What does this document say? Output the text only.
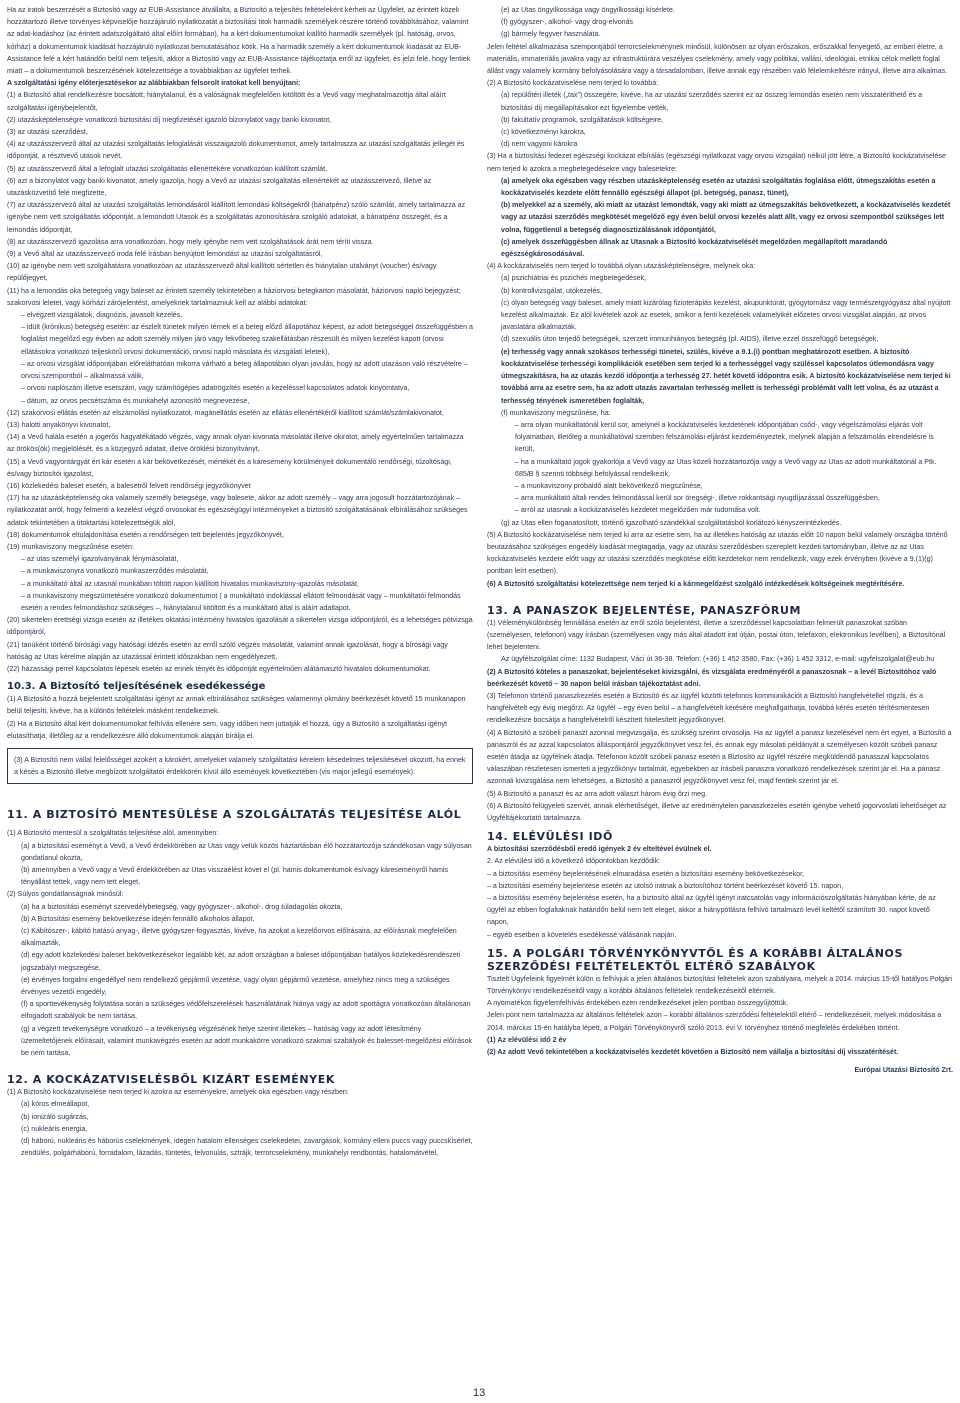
Ha az iratok beszerzését a Biztosító vagy az EUB-Assistance átvállalta, a Biztosító a teljesítés feltételeként kérheti az Ügyfelet, az érintett közeli hozzátartozó illetve törvényes képviselője hozzájáruló nyilatkozatát a biztosítási titok harmadik személyek részére történő továbbításához, valamint az adat-kiadáshoz (az érintett adatszolgáltató által előírt formában), ha a kért dokumentumokat kiállító harmadik személyek (pl. hatóság, orvos, kórház) a dokumentumok kiadását hozzájáruló nyilatkozat bemutatásához kötik. Ha a harmadik személy a kért dokumentumok kiadását az EUB-Assistance felé a kért határidőn belül nem teljesíti, akkor a Biztosító vagy az EUB-Assistance tájékoztatja erről az ügyfelet, és jelzi felé, hogy fentiek miatt – a dokumentumok beszerzésének kötelezettsége a továbbiakban az ügyfelet terheli.

A szolgáltatási igény előterjesztésekor az alábbiakban felsorolt iratokat kell benyújtani:

(1) a Biztosító által rendelkezésre bocsátott, hiánytalanul, és a valóságnak megfelelően kitöltött és a Vevő vagy meghatalmazottja által aláírt szolgáltatási igénybejelentőt,

(2) utazásképtelenségre vonatkozó biztosítási díj megfizetését igazoló bizonylatot vagy banki kivonatot,

(3) az utazási szerződést,

(4) az utazásszervező által az utazási szolgáltatás lefoglalását visszaigazoló dokumentumot, amely tartalmazza az utazási szolgáltatás jellegét és időpontját, a résztvevő utasok nevét,

(5) az utazásszervező által a lefoglalt utazási szolgáltatás ellenértékére vonatkozóan kiállított számlát,

(6) azt a bizonylatot vagy banki kivonatot, amely igazolja, hogy a Vevő az utazási szolgáltatás ellenértékét az utazásszervező, illetve az utazásközvetítő felé megfizette,

(7) az utazásszervező által az utazási szolgáltatás lemondásáról kiállított lemondási költségekről (bánatpénz) szóló számlát, amely tartalmazza az igénybe nem vett szolgáltatás időpontját, a lemondott Utasok és a szolgáltatás azonosítására szolgáló adatokat, a bánatpénz összegét, és a lemondás időpontját,

(8) az utazásszervező igazolása arra vonatkozóan, hogy mely igénybe nem vett szolgáltatások árát nem téríti vissza

(9) a Vevő által az utazásszervező iroda felé írásban benyújtott lemondást az utazási szolgáltatásról,

(10) az igénybe nem vett szolgáltatásra vonatkozóan az utazásszervező által kiállított sértetlen és hiánytalan utalványt (voucher) és/vagy repülőjegyet,

(11) ha a lemondás oka betegség vagy baleset az érintett személy tekintetében a háziorvosi betegkarton másolatát, háziorvosi napló bejegyzést; szakorvosi leletet, vagy kórházi zárójelentést, amelyeknek tartalmazniuk kell az alábbi adatokat:

– elvégzett vizsgálatok, diagnózis, javasolt kezelés,

– idült (krónikus) betegség esetén: az észlelt tünetek milyen térnek el a beteg előző állapotához képest, az adott betegséggel összefüggésben a foglalást megelőző egy évben az adott személy milyen járó vagy fekvőbeteg szakellátásban részesült és milyen kezelést kapott (orvosi ellátásokra vonatkozó teljeskörű orvosi dokumentáció, orvosi napló másolata és vizsgálati leletek),

– az orvosi vizsgálat időpontjában előreláthatóan mikorra várható a beteg állapotában olyan javulás, hogy az adott utazáson való részvételre – orvosi szempontból – alkalmassá válik,

– orvosi naplószám illetve esetszám, vagy számítógépes adatrögzítés esetén a kezeléssel kapcsolatos adatok kinyomtatva,

– dátum, az orvos pecsétszáma és munkahelyi azonosító megnevezése,

(12) szakorvosi ellátás esetén az elszámolási nyilatkozatot, magánellátás esetén az ellátás ellenértékéről kiállított számlát/számlakivonatot,

(13) halotti anyakönyvi kivonatot,

(14) a Vevő halála esetén a jogerős hagyatékátadó végzés, vagy annak olyan kivonata másolatát illetve okiratot, amely egyértelműen tartalmazza az örökös(ök) megjelölését, és a közjegyző adatait, illetve öröklési bizonyítványt,

(15) a Vevő vagyontárgyát ért kár esetén a kár bekövetkezését, mértékét és a káresemény körülményeit dokumentáló rendőrségi, tűzoltósági, és/vagy biztosítói igazolást,

(16) közlekedési baleset esetén, a balesetről felvett rendőrségi jegyzőkönyvet

(17) ha az utazásképtelenség oka valamely személy betegsége, vagy balesete, akkor az adott személy – vagy arra jogosult hozzátartozójának – nyilatkozatát arról, hogy felmenti a kezelést végző orvosokat és egészségügyi intézményeket a biztosító szolgáltatásának elbírálásához szükséges adatok tekintetében a titoktartási kötelezettségük alól,

(18) dokumentumok eltulajdonítása esetén a rendőrségen tett bejelentés jegyzőkönyvét,

(19) munkaviszony megszűnése esetén:

– az utas személyi igazolványának fénymásolatát,

– a munkaviszonyra vonatkozó munkaszerződés másolatát,

– a munkáltató által az utasnál munkában töltött napon kiállított hivatalos munkaviszony-igazolás másolatát,

– a munkaviszony megszüntetésére vonatkozó dokumentumot ( a munkáltató indoklással ellátott felmondását vagy – munkáltatói felmondás esetén a rendes felmondáshoz szükséges –, hiánytalanul kitöltött és a munkáltató által is aláírt adatlapot.

(20) sikertelen érettségi vizsga esetén az illetékes oktatási intézmény hivatalos igazolását a sikertelen vizsga időpontjáról, és a lehetséges pótvizsga időpontjáról,

(21) tanúként történő bírósági vagy hatósági idézés esetén az erről szóló végzés másolatát, valamint annak igazolását, hogy a bírósági vagy hatóság az Utas kérelme alapján az utazással érintett időszakban nem engedélyezett,

(22) házassági perrel kapcsolatos lépések esetén az ennek tényét és időpontját egyértelműen alátámasztó hivatalos dokumentumokat.

10.3. A Biztosító teljesítésének esedékessége

(1) A Biztosító a hozzá bejelentett szolgáltatási igényt az annak elbírálásához szükséges valamennyi okmány beérkezését követő 15 munkanapon belül teljesíti, kivéve, ha a különös feltételek másként rendelkeznek.

(2) Ha a Biztosító által kért dokumentumokat felhívás ellenére sem, vagy időben nem juttatják el hozzá, úgy a Biztosító a szolgáltatási igényt elutasíthatja, illetőleg az a rendelkezésre álló dokumentumok alapján bírálja el.

(3) A Biztosító nem vállal felelősséget azokért a károkért, amelyeket valamely szolgáltatási kérelem késedelmes teljesítésével okozott, ha ennek a késés a Biztosító illetve megbízott szolgáltatói érdekkörén kívül álló események következtében (vis major jellegű események).

11. A BIZTOSÍTÓ MENTESÜLÉSE A SZOLGÁLTATÁS TELJESÍTÉSE ALÓL

(1) A Biztosító mentesül a szolgáltatás teljesítése alól, amennyiben:

(a) a biztosítási eseményt a Vevő, a Vevő érdekkörében az Utas vagy velük közös háztartásban élő hozzátartozója szándékosan vagy súlyosan gondatlanul okozta,

(b) amennyiben a Vevő vagy a Vevő érdekkörében az Utas visszaélést követ el (pl. hamis dokumentumok és/vagy káreseményről hamis tényállást tettek, vagy nem tett eleget,

(2) Súlyos gondatlanságnak minősül:

(a) ha a biztosítási eseményt szervedélybetegség, vagy gyógyszer-, alkohol-, drog túladagolás okozta,

(b) A Biztosítási esemény bekövetkezése idején fennálló alkoholos állapot,

(c) Kábítószer-, kábító hatású anyag-, illetve gyógyszer-fogyasztás, kivéve, ha azokat a kezelőorvos előírásaira, az előírásnak megfelelően alkalmazták,

(d) egy adott közlekedési baleset bekövetkezésekor legalább két, az adott országban a baleset időpontjában hatályos közlekedésrendészeti jogszabályt megszegése,

(e) érvényes forgalmi engedéllyel nem rendelkező gépjármű vezetése, vagy olyan gépjármű vezetése, amelyhez nincs meg a szükséges érvényes vezetői engedély,

(f) a sporttevékenység folytatása során a szükséges védőfelszerelések használatának hiánya vagy az adott sportágra vonatkozóan általánosan elfogadott szabályok be nem tartása,

(g) a végzett tevékenységre vonatkozó – a tevékenység végzésének helye szerint illetékes – hatóság vagy az adott létesítmény üzemeltetőjének előírásait, valamint munkavégzés esetén az adott munkakörre vonatkozó szakmai szabályok és balesset-megelőzési előírások be nem tartása,

12. A KOCKÁZATVISELÉSBŐL KIZÁRT ESEMÉNYEK

(1) A Biztosító kockázatviselése nem terjed ki azokra az eseményekre, amelyek oka egészben vagy részben:

(a) kóros elmeállapot,

(b) ionizáló sugárzás,

(c) nukleáris energia,

(d) háború, nukleáris és háborús cselekmények, idegen hatalom ellenséges cselekedetei, zavargások, kormány elleni puccs vagy puccskísérlet, zendülés, polgárháború, forradalom, lázadás, tüntetés, felvonulás, sztrájk, terrorcselekmény, munkahelyi rendbontás, hatalomátvétel,

(e) az Utas öngyilkossága vagy öngyilkossági kísérlete.

(f) gyógyszer-, alkohol- vagy drog-elvonás

(g) bármely fegyver használata.

Jelen feltétel alkalmazása szempontjából terrorcselekménynek minősül, különösen az olyan erőszakos, erőszakkal fenyegető, az emberi életre, a materiális, immateriális javakra vagy az infrastruktúrára veszélyes cselekmény, amely vagy politikai, vallási, ideológiai, etnikai célok mellett foglal állást vagy valamely kormány befolyásolására vagy a társadalomban, illetve annak egy részében való félelemkeltésre irányul, illetve arra alkalmas.

(2) A Biztosító kockázatviselése nem terjed ki továbbá:

(a) repülőtéri illeték („tax”) összegére, kivéve, ha az utazási szerződés szerint ez az összeg lemondás esetén nem visszatéríthető és a biztosítási díj megállapításakor ezt figyelembe vették,

(b) fakultatív programok, szolgáltatások költségeire,

(c) következményi károkra,

(d) nem vagyoni károkra

(3) Ha a biztosítási fedezet egészségi kockázat elbírálás (egészségi nyilatkozat vagy orvosi vizsgálat) nélkül jött létre, a Biztosító kockázatviselése nem terjed ki azokra a megbetegedésekre vagy balesetekre:

(a) amelyek oka egészben vagy részben utazásképtelenség esetén az utazási szolgáltatás foglalása előtt, útmegszakítás esetén a kockázatviselés kezdete előtt fennálló egészségi állapot (pl. betegség, panasz, tünet),

(b) melyekkel az a személy, aki miatt az utazást lemondták, vagy aki miatt az útmegszakítás bekövetkezett, a kockázatviselés kezdetét vagy az utazási szerződés megkötését megelőző egy éven belül orvosi kezelés alatt állt, vagy ez orvosi szempontból szükséges lett volna, függetlenül a betegség diagnosztizálásának időpontjától,

(c) amelyek összefüggésben állnak az Utasnak a Biztosító kockázatviselését megelőzően megállapított maradandó egészségkárosodásával.

(4) A kockázatviselés nem terjed ki továbbá olyan utazásképtelenségre, melynek oka:

(a) pszichiátriai és pszichés megbetegedések,

(b) kontrollvizsgálat, utókezelés,

(c) olyan betegség vagy baleset, amely miatt kizárólag fizioterápiás kezelést, akupunktúrát, gyógytornász vagy természetgyógyász által nyújtott kezelést alkalmaztak. Ez alól kivételek azok az esetek, amikor a fenti kezelések valamelyikét előzetes orvosi vizsgálat alapján, az orvos javaslatára alkalmazták.

(d) szexuális úton terjedő betegségek, szerzett immunhiányos betegség (pl. AIDS), illetve ezzel összefüggő betegségek,

(e) terhesség vagy annak szokásos terhességi tünetei, szülés, kivéve a 9.1.(i) pontban meghatározott esetben. A biztosító kockázatviselése terhességi komplikációk esetében sem terjed ki a terhességgel vagy szüléssel kapcsolatos útlemondásra vagy útmegszakításra, ha az utazás kezdő időpontja a terhesség 27. hetét követő időpontra esik. A biztosító kockázatviselése nem terjed ki továbbá arra az esetre sem, ha az adott utazás zavartalan terhesség mellett is terhességi problémát vallt lett volna, és az utazást a terhesség tényének ismeretében foglalták,

(f) munkaviszony megszűnése, ha:

– arra olyan munkáltatónál kerül sor, amelynél a kockázatviselés kezdetének időpontjában csőd-, vagy végelszámolási eljárás volt folyamatban, illetőleg a munkáltatóval szemben felszámolási eljárást kezdeményeztek, melynek alapján a felszámolás elrendelésre is került,

– ha a munkáltató jogok gyakorlója a Vevő vagy az Utas közeli hozzátartozója vagy a Vevő vagy az Utas az adott munkáltatónál a Ptk. 685/B § szerinti többségi befolyással rendelkezik,

– a munkaviszony próbaidő alatt bekövetkező megszűnése,

– arra munkáltató általi rendes felmondással kerül sor öregségi-, illetve rokkantsági nyugdíjazással összefüggésben,

– arról az utasnak a kockázatviselés kezdetét megelőzően már tudomása volt.

(g) az Utas ellen foganatosított, történő igazolható szándékkal szolgáltatásból korlátozó kényszerintézkedés.

(5) A Biztosító kockázatviselése nem terjed ki arra az esetre sem, ha az illetékes hatóság az utazás előtt 10 napon belül valamely országba történő beutazásához szükséges engedély kiadását megtagadja, vagy az utazási szerződésben szereplett kezdeti tartományban, illetve az az Utas kockázatviselés kezdete előtt vagy az utazási szerződés megkötése előtt kezdetekor nem rendelkezik, vagy ezek érvényben (kivéve a 9.(1)(g) pontban leírt esetben).

(6) A Biztosító szolgáltatási kötelezettsége nem terjed ki a kármegelőzést szolgáló intézkedések költségeinek megtérítésére.

13. A PANASZOK BEJELENTÉSE, PANASZFÓRUM

(1) Véleménykülönbség fennállása esetén az erről szóló bejelentést, illetve a szerződéssel kapcsolatban felmerült panaszokat szóban (személyesen, telefonon) vagy írásban (személyesen vagy más által átadott irat útján, postai úton, telefaxon, elektronikus levélben), a Biztosítónál lehet bejelenteni.

Az ügyfélszolgálat címe: 1132 Budapest, Váci út 36-38. Telefon: (+36) 1 452 3580, Fax: (+36) 1 452 3312, e-mail: ugyfelszolgalat@eub.hu

(2) A Biztosító köteles a panaszokat, bejelentéseket kivizsgálni, és vizsgálata eredményéről a panaszosnak – a levél Biztosítóhoz való beérkezését követő – 30 napon belül írásban tájékoztatást adni.

(3) Telefonon történő panaszkezelés esetén a Biztosító és az ügyfél közötti telefonos kommunikációt a Biztosító hangfelvétellel rögzíti, és a hangfelvételt egy évig megőrzi. Az ügyfél – egy éven belül – a hangfelvételt kérésére meghallgathatja, továbbá kérés esetén térítésmentesen rendelkezésre bocsátja a hangfelvételről készített hitelesített jegyzőkönyvet.

(4) A Biztosító a szóbeli panaszt azonnal megvizsgálja, és szükség szerint orvosolja. Ha az ügyfél a panasz kezelésével nem ért egyet, a Biztosító a panaszról és az azzal kapcsolatos álláspontjáról jegyzőkönyvet vesz fel, és annak egy másolati példányát a személyesen közölt szóbeli panasz esetén átadja az ügyfélnek átadja. Telefonon közölt szóbeli panasz esetén a Biztosító az ügyfél részére megküldendő panasszal kapcsolatos válaszában részletesen ismerteti a jegyzőkönyv tartalmát, egyebekben az írásbeli panaszra vonatkozó rendelkezések szerint jár el. Ha a panasz azonnali kivizsgálása nem lehetséges, a Biztosító a panaszról jegyzőkönyvet vesz fel, majd fentiek szerint jár el.

(5) A Biztosító a panaszt és az arra adott választ három évig őrzi meg.

(6) A Biztosító felügyeleti szervét, annak elérhetőségét, illetve az eredménytelen panaszkezelés esetén igénybe vehető jogorvoslati lehetőséget az Ügyféltájékoztató tartalmazza.

14. ELÉVÜLÉSI IDŐ

A biztosítási szerződésből eredő igények 2 év elteltével évülnek el.

2. Az elévülési idő a következő időpontokban kezdődik:

– a biztosítási esemény bejelentésének elmaradása esetén a biztosítási esemény bekövetkezésekor,

– a biztosítási esemény bejelentése esetén az utolsó iratnak a biztosítóhoz történt beérkezését követő 15. napon,

– a biztosítási esemény bejelentése esetén, ha a biztosító által az ügyfél igényt iratcsatolás vagy információszolgáltatás hiányában kérte, de az ügyfél az ebben foglaltaknak határidőn belül nem tett eleget, akkor a hiánypótlásra felhívó tartalmazó levél keltétől számított 30. napot követő napon,

– egyéb esetben a követelés esedékessé válásának napján.

15. A POLGÁRI TÖRVÉNYKÖNYVTŐL ÉS A KORÁBBI ÁLTALÁNOS SZERZŐDÉSI FELTÉTELEKTŐL ELTÉRŐ SZABÁLYOK

Tisztelt Ügyfeleink figyelmét külön is felhívjuk a jelen általános biztosítási feltételek azon szabályaira, melyek a 2014. március 15-től hatályos Polgári Törvénykönyv rendelkezéseitől vagy a korábbi általános feltételek rendelkezéseitől eltérnek.

A nyomatékos figyelemfelhívás érdekében ezen rendelkezéseket jelen pontban összegyűjtöttük.

Jelen pont nem tartalmazza az általános feltételek azon – korábbi általános szerződési feltételektől eltérő – rendelkezéseit, melyek módosítása a 2014. március 15-én hatályba lépett, a Polgári Törvénykönyvről szóló 2013. évi V. törvényhez történő megfelelés érdekében történt.

(1) Az elévülési idő 2 év

(2) Az adott Vevő tekintetében a kockázatviselés kezdetét követően a Biztosító nem vállalja a biztosítási díj visszatérítését.

Európai Utazási Biztosító Zrt.

13
